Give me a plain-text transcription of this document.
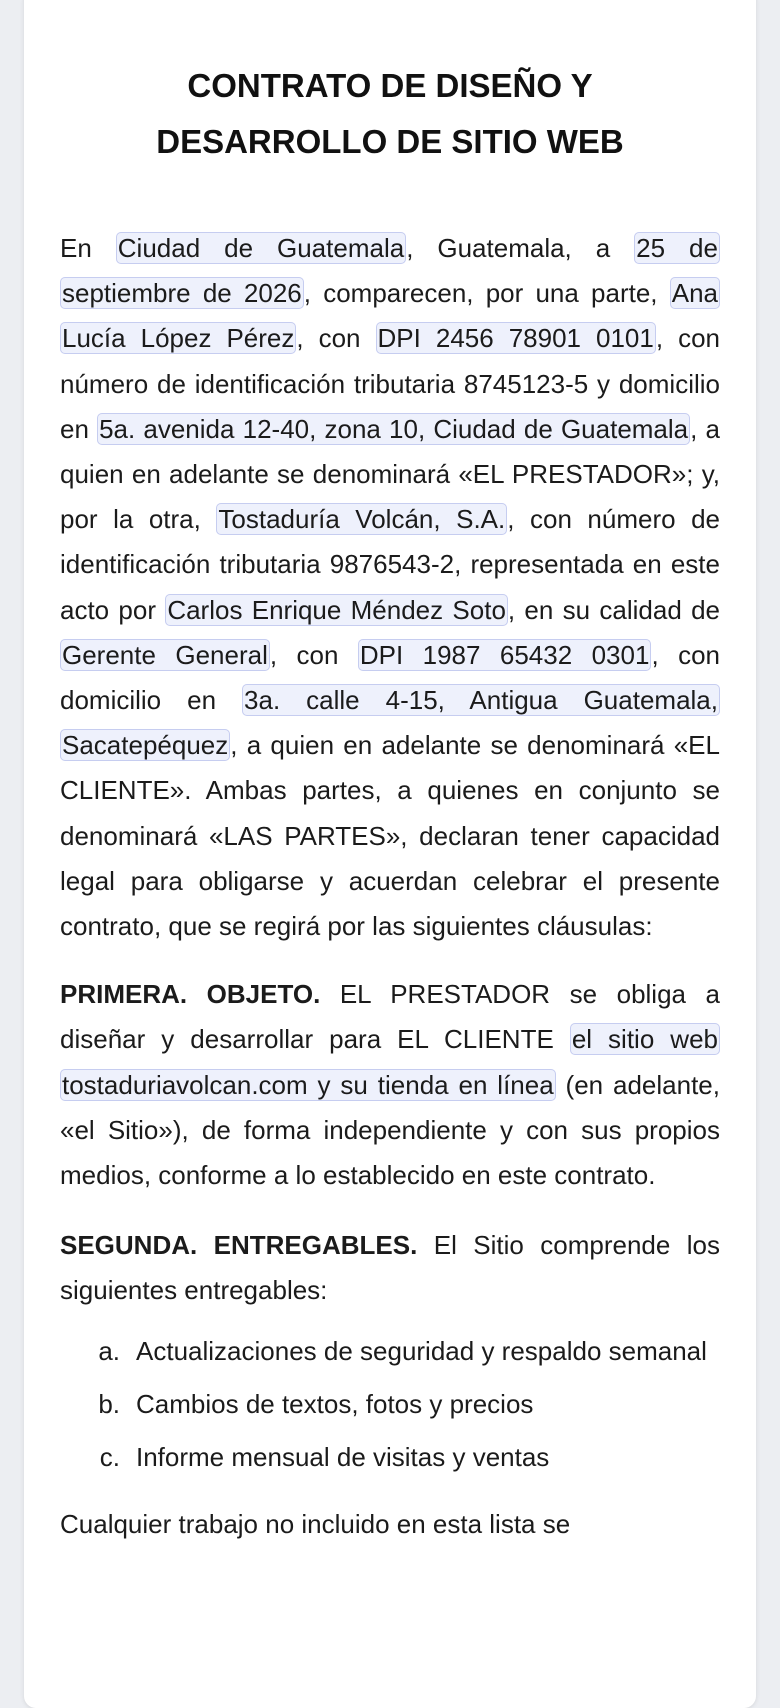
CONTRATO DE DISEÑO Y
DESARROLLO DE SITIO WEB

En Ciudad de Guatemala, Guatemala, a 25 de septiembre de 2026, comparecen, por una parte, Ana Lucía López Pérez, con DPI 2456 78901 0101, con número de identificación tributaria 8745123-5 y domicilio en 5a. avenida 12-40, zona 10, Ciudad de Guatemala, a quien en adelante se denominará «EL PRESTADOR»; y, por la otra, Tostaduría Volcán, S.A., con número de identificación tributaria 9876543-2, representada en este acto por Carlos Enrique Méndez Soto, en su calidad de Gerente General, con DPI 1987 65432 0301, con domicilio en 3a. calle 4-15, Antigua Guatemala, Sacatepéquez, a quien en adelante se denominará «EL CLIENTE». Ambas partes, a quienes en conjunto se denominará «LAS PARTES», declaran tener capacidad legal para obligarse y acuerdan celebrar el presente contrato, que se regirá por las siguientes cláusulas:

PRIMERA. OBJETO. EL PRESTADOR se obliga a diseñar y desarrollar para EL CLIENTE el sitio web tostaduriavolcan.com y su tienda en línea (en adelante, «el Sitio»), de forma independiente y con sus propios medios, conforme a lo establecido en este contrato.

SEGUNDA. ENTREGABLES. El Sitio comprende los siguientes entregables:

a. Actualizaciones de seguridad y respaldo semanal
b. Cambios de textos, fotos y precios
c. Informe mensual de visitas y ventas

Cualquier trabajo no incluido en esta lista se
